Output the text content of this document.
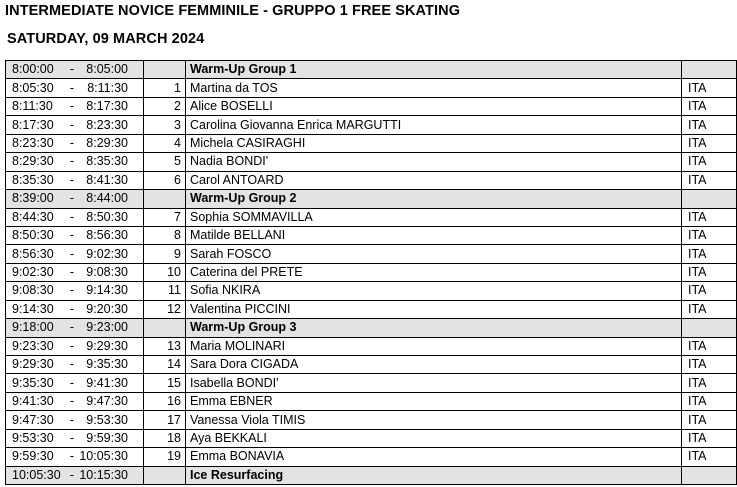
INTERMEDIATE NOVICE FEMMINILE - GRUPPO 1 FREE SKATING
SATURDAY, 09 MARCH 2024
8:00:00 - 8:05:00		Warm-Up Group 1	
8:05:30 - 8:11:30	1	Martina da TOS	ITA
8:11:30 - 8:17:30	2	Alice BOSELLI	ITA
8:17:30 - 8:23:30	3	Carolina Giovanna Enrica MARGUTTI	ITA
8:23:30 - 8:29:30	4	Michela CASIRAGHI	ITA
8:29:30 - 8:35:30	5	Nadia BONDI'	ITA
8:35:30 - 8:41:30	6	Carol ANTOARD	ITA
8:39:00 - 8:44:00		Warm-Up Group 2	
8:44:30 - 8:50:30	7	Sophia SOMMAVILLA	ITA
8:50:30 - 8:56:30	8	Matilde BELLANI	ITA
8:56:30 - 9:02:30	9	Sarah FOSCO	ITA
9:02:30 - 9:08:30	10	Caterina del PRETE	ITA
9:08:30 - 9:14:30	11	Sofia NKIRA	ITA
9:14:30 - 9:20:30	12	Valentina PICCINI	ITA
9:18:00 - 9:23:00		Warm-Up Group 3	
9:23:30 - 9:29:30	13	Maria MOLINARI	ITA
9:29:30 - 9:35:30	14	Sara Dora CIGADA	ITA
9:35:30 - 9:41:30	15	Isabella BONDI'	ITA
9:41:30 - 9:47:30	16	Emma EBNER	ITA
9:47:30 - 9:53:30	17	Vanessa Viola TIMIS	ITA
9:53:30 - 9:59:30	18	Aya BEKKALI	ITA
9:59:30 - 10:05:30	19	Emma BONAVIA	ITA
10:05:30 - 10:15:30		Ice Resurfacing	
